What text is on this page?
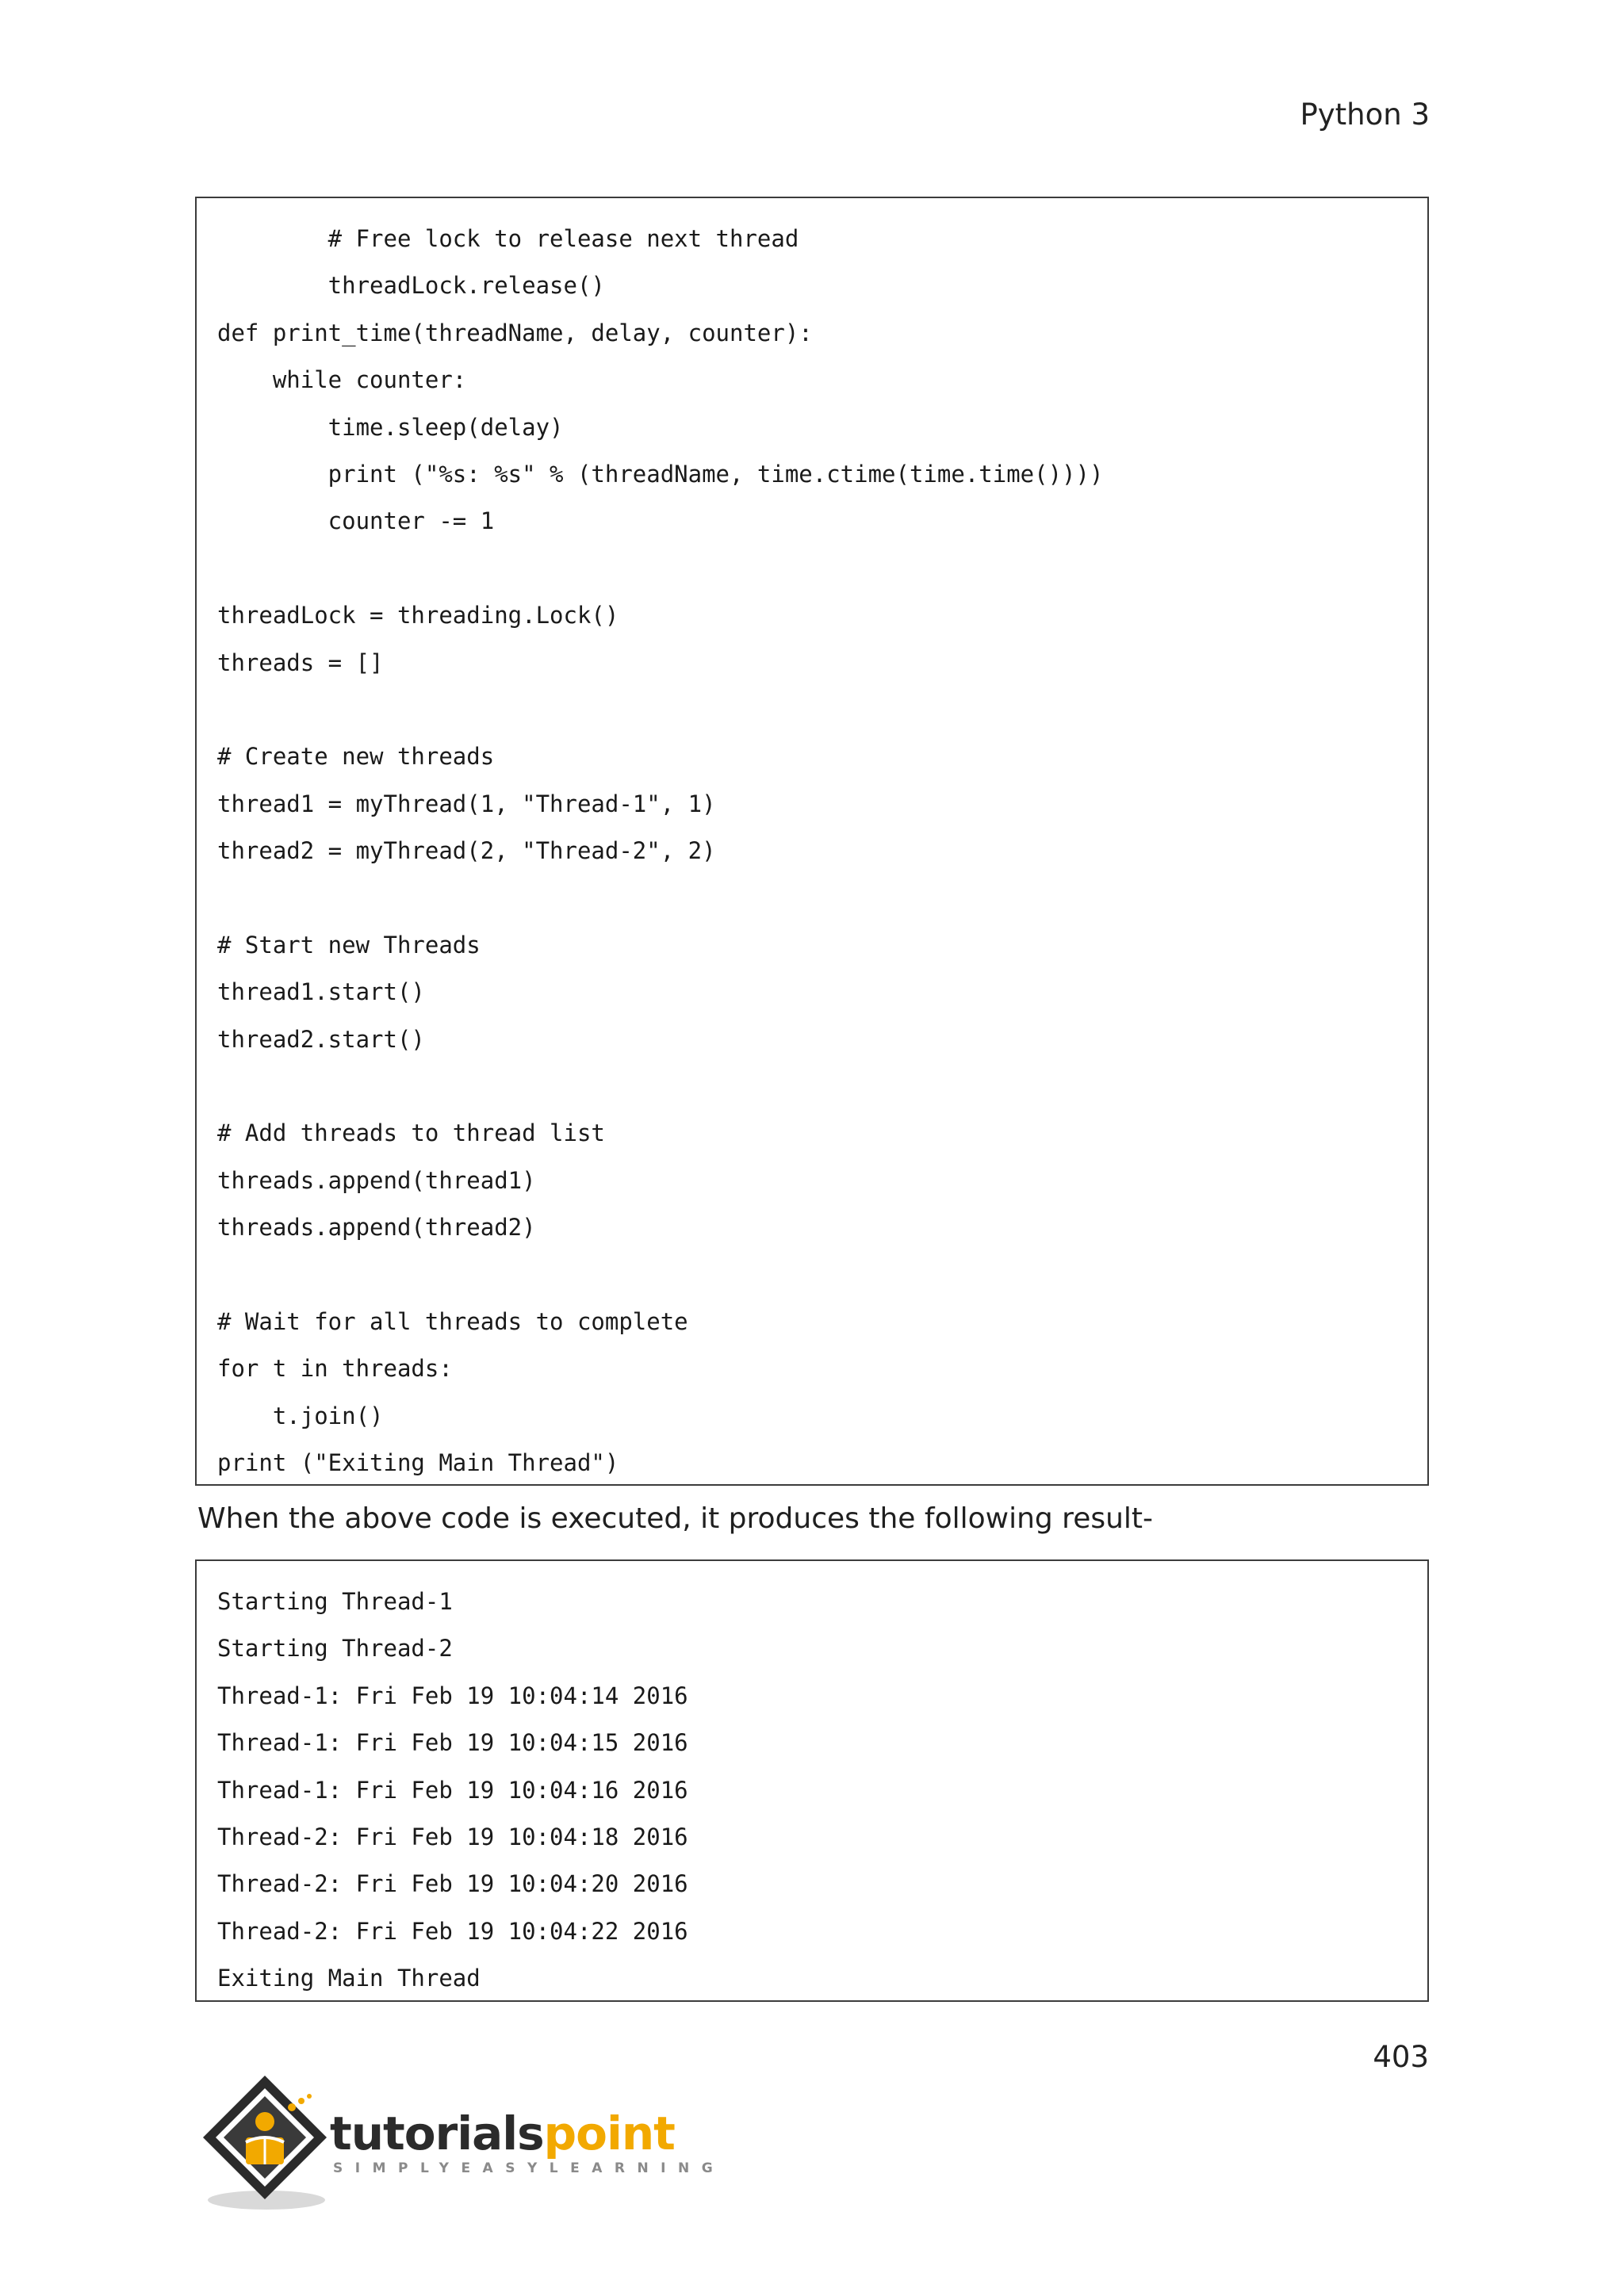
Python 3
# Free lock to release next thread
threadLock.release()
def print_time(threadName, delay, counter):
while counter:
time.sleep(delay)
print ("%s: %s" % (threadName, time.ctime(time.time())))
counter -= 1
threadLock = threading.Lock()
threads = []
# Create new threads
thread1 = myThread(1, "Thread-1", 1)
thread2 = myThread(2, "Thread-2", 2)
# Start new Threads
thread1.start()
thread2.start()
# Add threads to thread list
threads.append(thread1)
threads.append(thread2)
# Wait for all threads to complete
for t in threads:
t.join()
print ("Exiting Main Thread")
When the above code is executed, it produces the following result-
Starting Thread-1
Starting Thread-2
Thread-1: Fri Feb 19 10:04:14 2016
Thread-1: Fri Feb 19 10:04:15 2016
Thread-1: Fri Feb 19 10:04:16 2016
Thread-2: Fri Feb 19 10:04:18 2016
Thread-2: Fri Feb 19 10:04:20 2016
Thread-2: Fri Feb 19 10:04:22 2016
Exiting Main Thread
403
tutorialspoint
SIMPLYEASYLEARNING
